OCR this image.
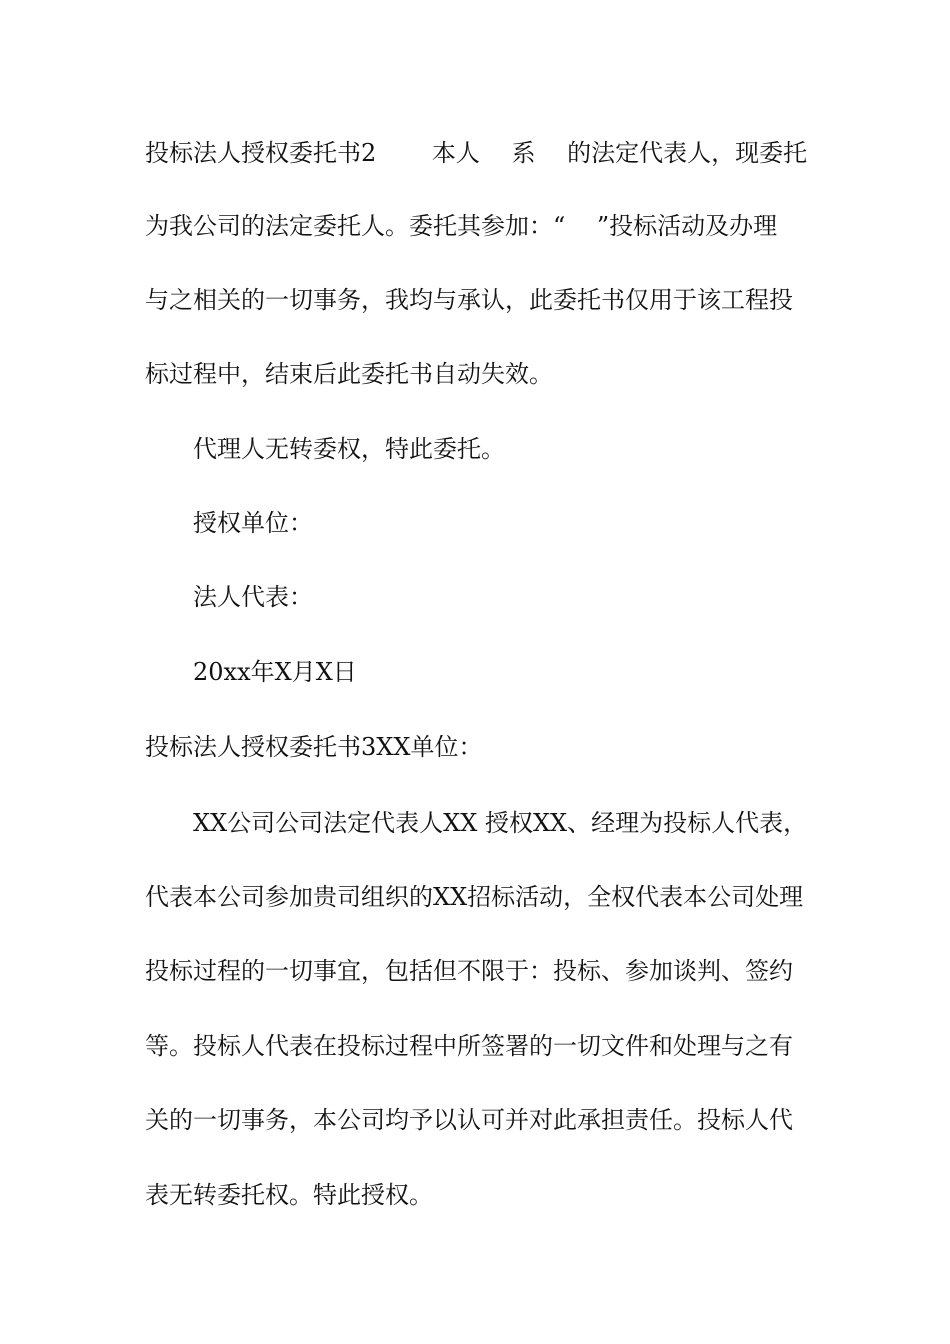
投标法人授权委托书2　　 本人　 系　 的法定代表人，现委托
为我公司的法定委托人。委托其参加：“　 ”投标活动及办理
与之相关的一切事务，我均与承认，此委托书仅用于该工程投
标过程中，结束后此委托书自动失效。
代理人无转委权，特此委托。
授权单位：
法人代表：
20xx年X月X日
投标法人授权委托书3XX单位：
XX公司公司法定代表人XX 授权XX、经理为投标人代表，
代表本公司参加贵司组织的XX招标活动，全权代表本公司处理
投标过程的一切事宜，包括但不限于：投标、参加谈判、签约
等。投标人代表在投标过程中所签署的一切文件和处理与之有
关的一切事务，本公司均予以认可并对此承担责任。投标人代
表无转委托权。特此授权。
